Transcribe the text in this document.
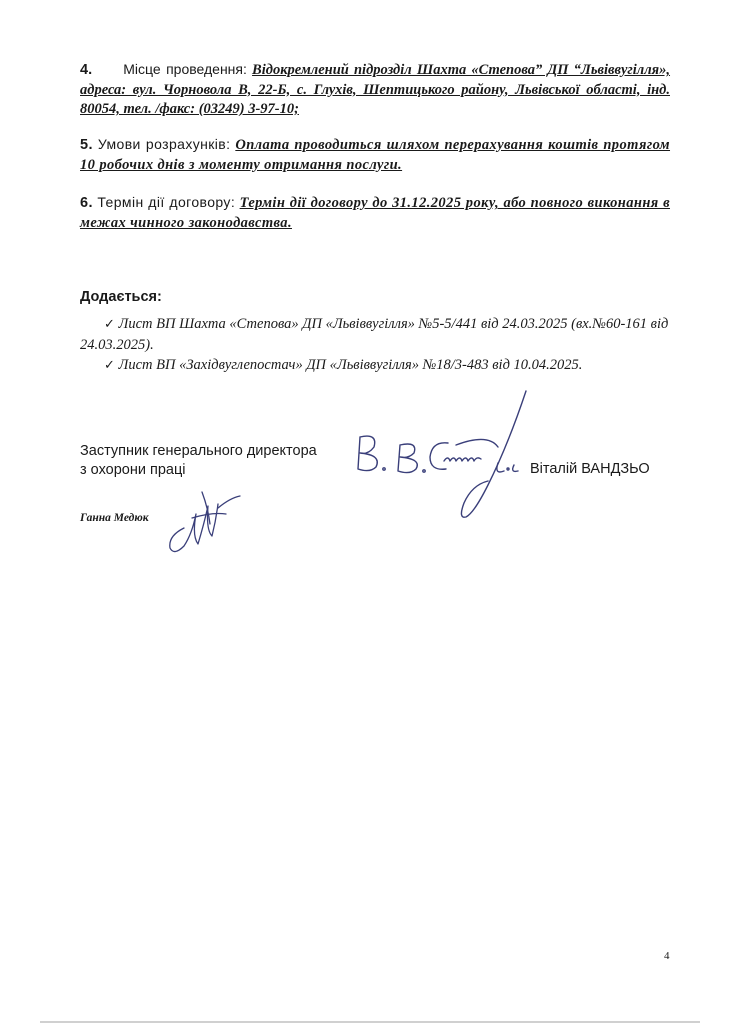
4. Місце проведення: Відокремлений підрозділ Шахта «Степова” ДП “Львіввугілля», адреса: вул. Чорновола В, 22-Б, с. Глухів, Шептицького району, Львівської області, інд. 80054, тел. /факс: (03249) 3-97-10;
5. Умови розрахунків: Оплата проводиться шляхом перерахування коштів протягом 10 робочих днів з моменту отримання послуги.
6. Термін дії договору: Термін дії договору до 31.12.2025 року, або повного виконання в межах чинного законодавства.
Додається:
✓ Лист ВП Шахта «Степова» ДП «Львіввугілля» №5-5/441 від 24.03.2025 (вх.№60-161 від 24.03.2025).
✓ Лист ВП «Західвуглепостач» ДП «Львіввугілля» №18/3-483 від 10.04.2025.
Заступник генерального директора
з охорони праці	Віталій ВАНДЗЬО
Ганна Медюк
4
